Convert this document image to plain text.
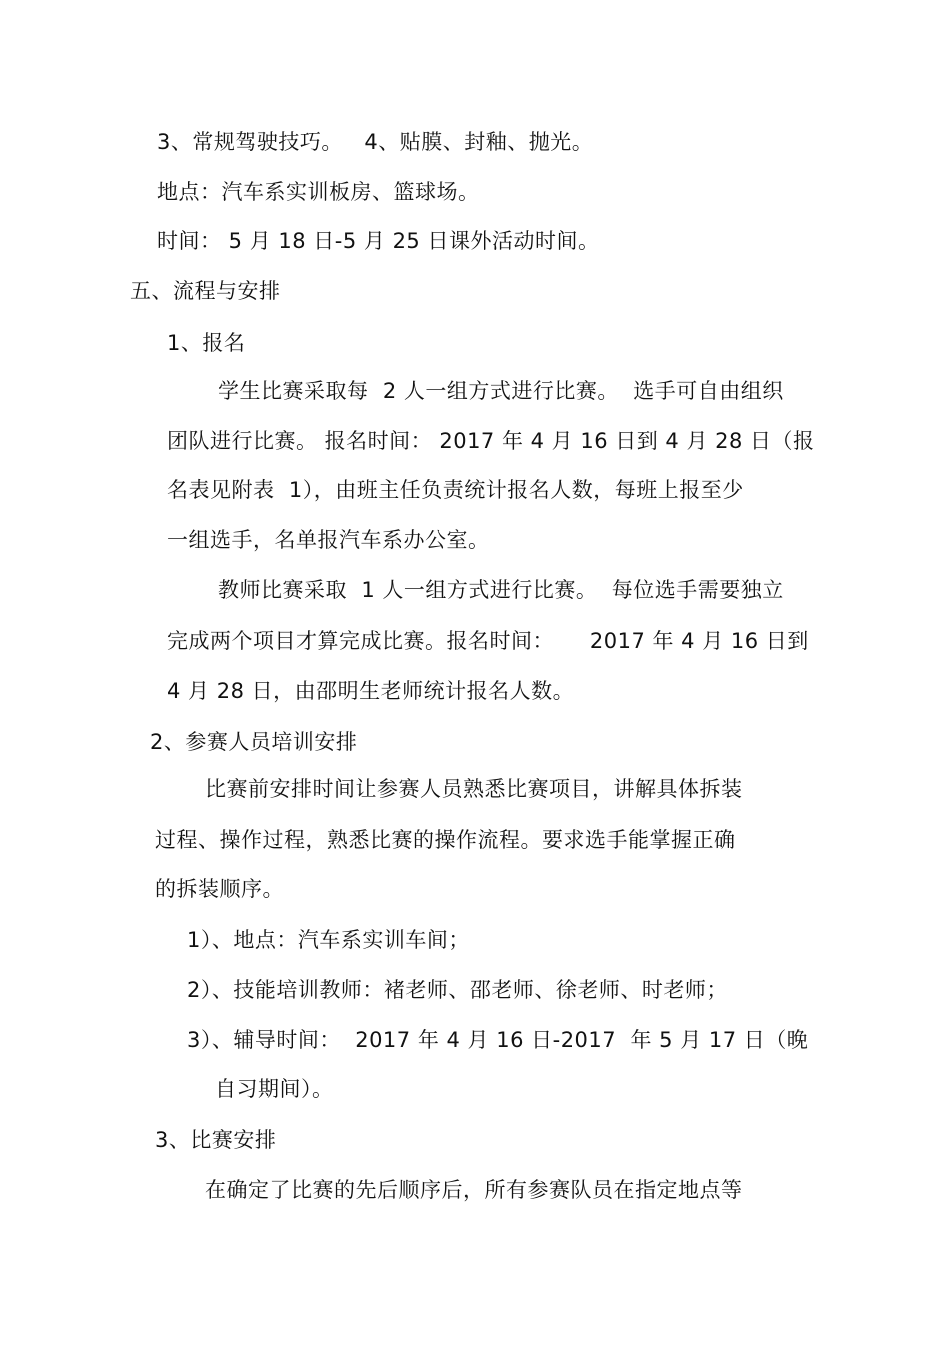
3、常规驾驶技巧。   4、贴膜、封釉、抛光。
地点：汽车系实训板房、篮球场。
时间： 5 月 18 日-5 月 25 日课外活动时间。
五、流程与安排
1、报名
学生比赛采取每  2 人一组方式进行比赛。  选手可自由组织
团队进行比赛。 报名时间： 2017 年 4 月 16 日到 4 月 28 日（报
名表见附表  1），由班主任负责统计报名人数，每班上报至少
一组选手，名单报汽车系办公室。
教师比赛采取  1 人一组方式进行比赛。  每位选手需要独立
完成两个项目才算完成比赛。报名时间：     2017 年 4 月 16 日到
4 月 28 日，由邵明生老师统计报名人数。
2、参赛人员培训安排
比赛前安排时间让参赛人员熟悉比赛项目，讲解具体拆装
过程、操作过程，熟悉比赛的操作流程。要求选手能掌握正确
的拆装顺序。
1）、地点：汽车系实训车间；
2）、技能培训教师：褚老师、邵老师、徐老师、时老师；
3）、辅导时间：  2017 年 4 月 16 日-2017  年 5 月 17 日（晚
自习期间）。
3、比赛安排
在确定了比赛的先后顺序后，所有参赛队员在指定地点等
